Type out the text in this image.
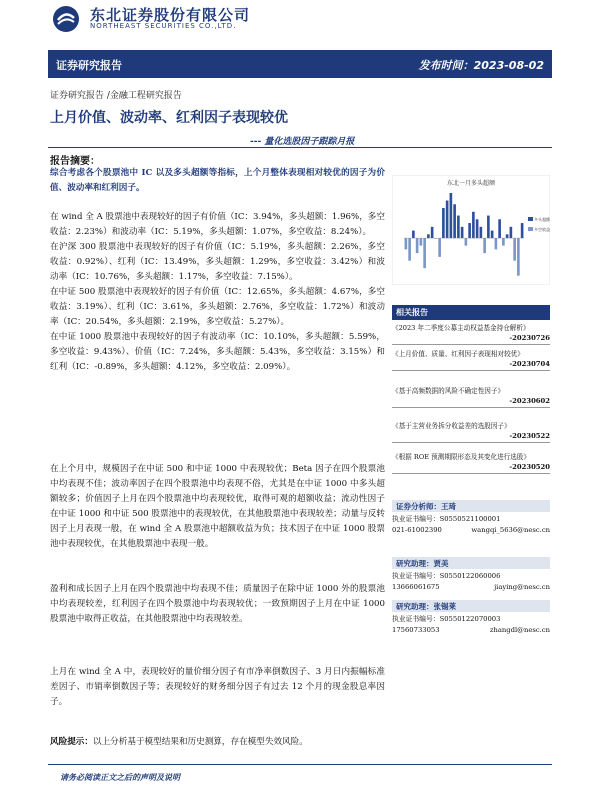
东北证券股份有限公司
NORTHEAST SECURITIES CO.,LTD.
证券研究报告	发布时间：2023-08-02
证券研究报告 /金融工程研究报告
上月价值、波动率、红利因子表现较优
--- 量化选股因子跟踪月报
报告摘要：
综合考虑各个股票池中 IC 以及多头超额等指标，上个月整体表现相对较优的因子为价值、波动率和红利因子。

在 wind 全 A 股票池中表现较好的因子有价值（IC：3.94%，多头超额：1.96%，多空收益：2.23%）和波动率（IC：5.19%，多头超额：1.07%，多空收益：8.24%）。

在沪深 300 股票池中表现较好的因子有价值（IC：5.19%，多头超额：2.26%，多空收益：0.92%）、红利（IC：13.49%，多头超额：1.29%，多空收益：3.42%）和波动率（IC：10.76%，多头超额：1.17%，多空收益：7.15%）。

在中证 500 股票池中表现较好的因子有价值（IC：12.65%，多头超额：4.67%，多空收益：3.19%）、红利（IC：3.61%，多头超额：2.76%，多空收益：1.72%）和波动率（IC：20.54%，多头超额：2.19%，多空收益：5.27%）。

在中证 1000 股票池中表现较好的因子有波动率（IC：10.10%，多头超额：5.59%，多空收益：9.43%）、价值（IC：7.24%，多头超额：5.43%，多空收益：3.15%）和红利（IC：-0.89%，多头超额：4.12%，多空收益：2.09%）。

在上个月中，规模因子在中证 500 和中证 1000 中表现较优；Beta 因子在四个股票池中均表现不佳；波动率因子在四个股票池中均表现不俗，尤其是在中证 1000 中多头超额较多；价值因子上月在四个股票池中均表现较优，取得可观的超额收益；流动性因子在中证 1000 和中证 500 股票池中的表现较优，在其他股票池中表现较差；动量与反转因子上月表现一般，在 wind 全 A 股票池中超额收益为负；技术因子在中证 1000 股票池中表现较优，在其他股票池中表现一般。

盈利和成长因子上月在四个股票池中均表现不佳；质量因子在除中证 1000 外的股票池中均表现较差，红利因子在四个股票池中均表现较优；一致预期因子上月在中证 1000 股票池中取得正收益，在其他股票池中均表现较差。

上月在 wind 全 A 中，表现较好的量价细分因子有市净率倒数因子、3 月日内振幅标准差因子、市销率倒数因子等；表现较好的财务细分因子有过去 12 个月的现金股息率因子。

风险提示：以上分析基于模型结果和历史测算，存在模型失效风险。
东北一月多头超额
多头超额
多空收益
相关报告
《2023 年二季度公募主动权益基金持仓解析》
-20230726
《上月价值、质量、红利因子表现相对较优》
-20230704
《基于高频数据的风险不确定性因子》
-20230602
《基于主营业务拆分收益差的选股因子》
-20230522
《根据 ROE 预测期限形态及其变化进行选股》
-20230520
证券分析师：王琦
执业证书编号：S0550521100001
021-61002390	wangqi_5636@nesc.cn
研究助理：贾美
执业证书编号：S0550122060006
13666061675	jiaying@nesc.cn
研究助理：张锡莱
执业证书编号：S0550122070003
17560733053	zhangdl@nesc.cn
请务必阅读正文之后的声明及说明
